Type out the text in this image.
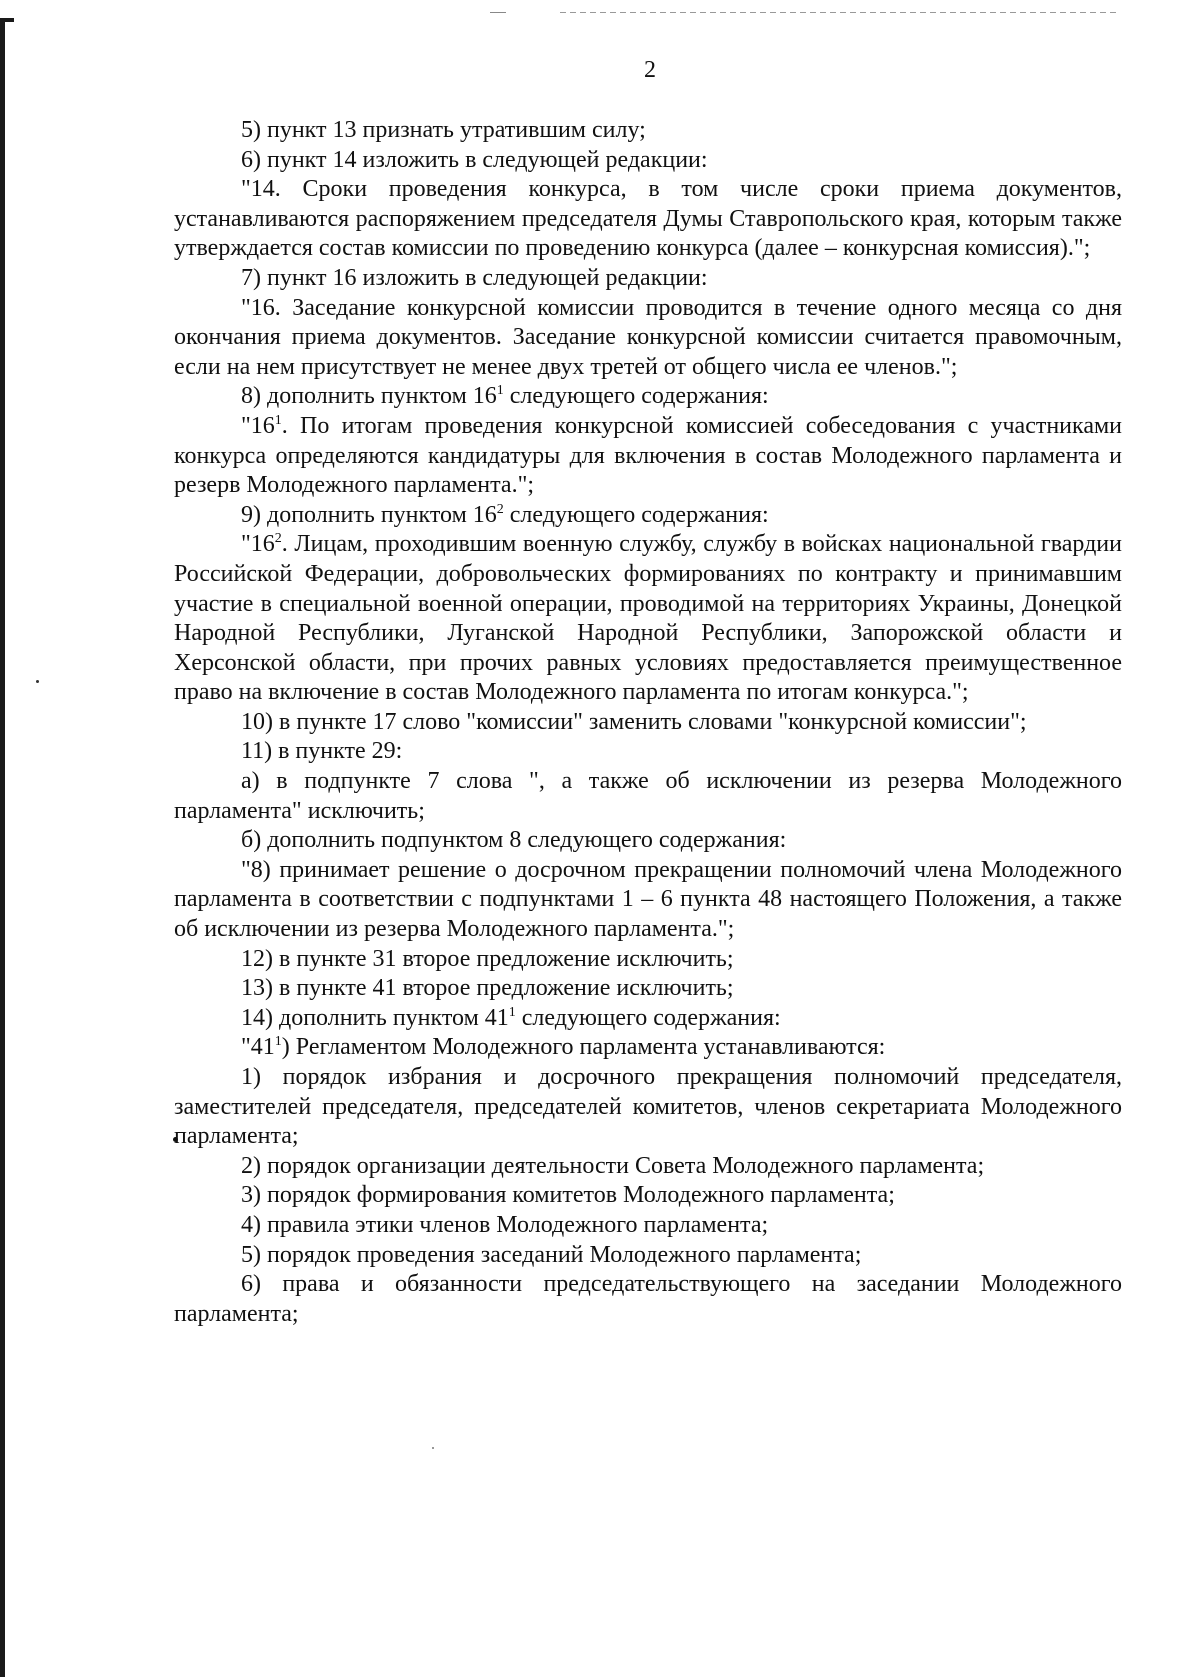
2

5) пункт 13 признать утратившим силу;

6) пункт 14 изложить в следующей редакции:

"14. Сроки проведения конкурса, в том числе сроки приема документов, устанавливаются распоряжением председателя Думы Ставропольского края, которым также утверждается состав комиссии по проведению конкурса (далее – конкурсная комиссия).";

7) пункт 16 изложить в следующей редакции:

"16. Заседание конкурсной комиссии проводится в течение одного месяца со дня окончания приема документов. Заседание конкурсной комиссии считается правомочным, если на нем присутствует не менее двух третей от общего числа ее членов.";

8) дополнить пунктом $16^1$ следующего содержания:

"$16^1$. По итогам проведения конкурсной комиссией собеседования с участниками конкурса определяются кандидатуры для включения в состав Молодежного парламента и резерв Молодежного парламента.";

9) дополнить пунктом $16^2$ следующего содержания:

"$16^2$. Лицам, проходившим военную службу, службу в войсках национальной гвардии Российской Федерации, добровольческих формированиях по контракту и принимавшим участие в специальной военной операции, проводимой на территориях Украины, Донецкой Народной Республики, Луганской Народной Республики, Запорожской области и Херсонской области, при прочих равных условиях предоставляется преимущественное право на включение в состав Молодежного парламента по итогам конкурса.";

10) в пункте 17 слово "комиссии" заменить словами "конкурсной комиссии";

11) в пункте 29:

а) в подпункте 7 слова ", а также об исключении из резерва Молодежного парламента" исключить;

б) дополнить подпунктом 8 следующего содержания:

"8) принимает решение о досрочном прекращении полномочий члена Молодежного парламента в соответствии с подпунктами 1 – 6 пункта 48 настоящего Положения, а также об исключении из резерва Молодежного парламента.";

12) в пункте 31 второе предложение исключить;

13) в пункте 41 второе предложение исключить;

14) дополнить пунктом $41^1$ следующего содержания:

"$41^1$) Регламентом Молодежного парламента устанавливаются:

1) порядок избрания и досрочного прекращения полномочий председателя, заместителей председателя, председателей комитетов, членов секретариата Молодежного парламента;

2) порядок организации деятельности Совета Молодежного парламента;

3) порядок формирования комитетов Молодежного парламента;

4) правила этики членов Молодежного парламента;

5) порядок проведения заседаний Молодежного парламента;

6) права и обязанности председательствующего на заседании Молодежного парламента;
